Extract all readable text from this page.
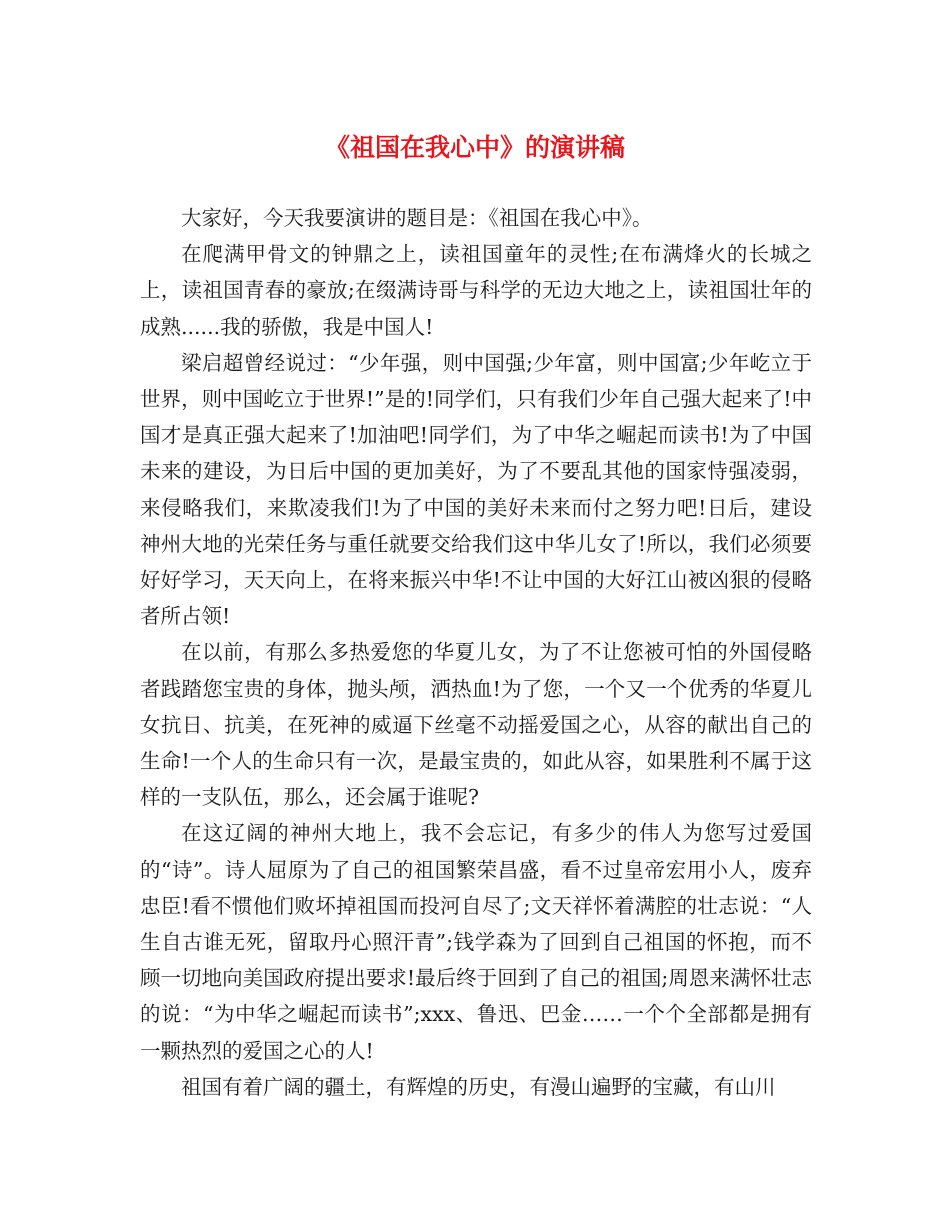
《祖国在我心中》的演讲稿

大家好，今天我要演讲的题目是：《祖国在我心中》。

在爬满甲骨文的钟鼎之上，读祖国童年的灵性;在布满烽火的长城之上，读祖国青春的豪放;在缀满诗哥与科学的无边大地之上，读祖国壮年的成熟......我的骄傲，我是中国人!

梁启超曾经说过：“少年强，则中国强;少年富，则中国富;少年屹立于世界，则中国屹立于世界!”是的!同学们，只有我们少年自己强大起来了!中国才是真正强大起来了!加油吧!同学们，为了中华之崛起而读书!为了中国未来的建设，为日后中国的更加美好，为了不要乱其他的国家恃强凌弱，来侵略我们，来欺凌我们!为了中国的美好未来而付之努力吧!日后，建设神州大地的光荣任务与重任就要交给我们这中华儿女了!所以，我们必须要好好学习，天天向上，在将来振兴中华!不让中国的大好江山被凶狠的侵略者所占领!

在以前，有那么多热爱您的华夏儿女，为了不让您被可怕的外国侵略者践踏您宝贵的身体，抛头颅，洒热血!为了您，一个又一个优秀的华夏儿女抗日、抗美，在死神的威逼下丝毫不动摇爱国之心，从容的献出自己的生命!一个人的生命只有一次，是最宝贵的，如此从容，如果胜利不属于这样的一支队伍，那么，还会属于谁呢?

在这辽阔的神州大地上，我不会忘记，有多少的伟人为您写过爱国的“诗”。诗人屈原为了自己的祖国繁荣昌盛，看不过皇帝宏用小人，废弃忠臣!看不惯他们败坏掉祖国而投河自尽了;文天祥怀着满腔的壮志说：“人生自古谁无死，留取丹心照汗青”;钱学森为了回到自己祖国的怀抱，而不顾一切地向美国政府提出要求!最后终于回到了自己的祖国;周恩来满怀壮志的说：“为中华之崛起而读书”;xxx、鲁迅、巴金……一个个全部都是拥有一颗热烈的爱国之心的人!

祖国有着广阔的疆土，有辉煌的历史，有漫山遍野的宝藏，有山川
